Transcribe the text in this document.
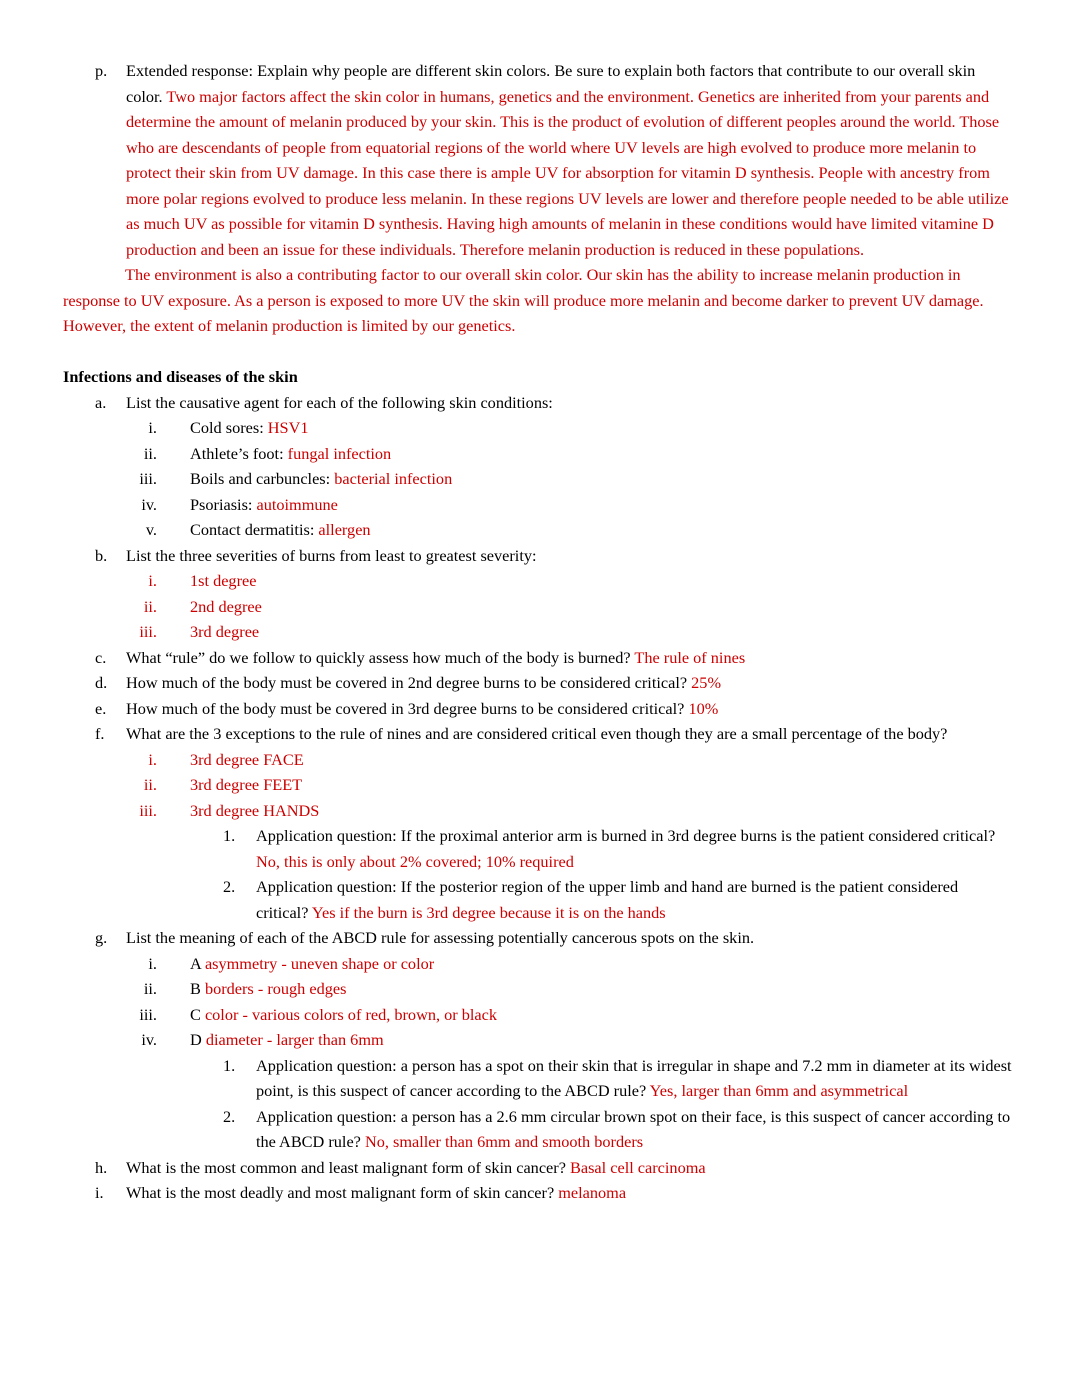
p. Extended response: Explain why people are different skin colors. Be sure to explain both factors that contribute to our overall skin color. Two major factors affect the skin color in humans, genetics and the environment. Genetics are inherited from your parents and determine the amount of melanin produced by your skin. This is the product of evolution of different peoples around the world. Those who are descendants of people from equatorial regions of the world where UV levels are high evolved to produce more melanin to protect their skin from UV damage. In this case there is ample UV for absorption for vitamin D synthesis. People with ancestry from more polar regions evolved to produce less melanin. In these regions UV levels are lower and therefore people needed to be able utilize as much UV as possible for vitamin D synthesis. Having high amounts of melanin in these conditions would have limited vitamine D production and been an issue for these individuals. Therefore melanin production is reduced in these populations.
The environment is also a contributing factor to our overall skin color. Our skin has the ability to increase melanin production in response to UV exposure. As a person is exposed to more UV the skin will produce more melanin and become darker to prevent UV damage. However, the extent of melanin production is limited by our genetics.
Infections and diseases of the skin
a. List the causative agent for each of the following skin conditions:
i. Cold sores: HSV1
ii. Athlete’s foot: fungal infection
iii. Boils and carbuncles: bacterial infection
iv. Psoriasis: autoimmune
v. Contact dermatitis: allergen
b. List the three severities of burns from least to greatest severity:
i. 1st degree
ii. 2nd degree
iii. 3rd degree
c. What “rule” do we follow to quickly assess how much of the body is burned? The rule of nines
d. How much of the body must be covered in 2nd degree burns to be considered critical? 25%
e. How much of the body must be covered in 3rd degree burns to be considered critical? 10%
f. What are the 3 exceptions to the rule of nines and are considered critical even though they are a small percentage of the body?
i. 3rd degree FACE
ii. 3rd degree FEET
iii. 3rd degree HANDS
1. Application question: If the proximal anterior arm is burned in 3rd degree burns is the patient considered critical? No, this is only about 2% covered; 10% required
2. Application question: If the posterior region of the upper limb and hand are burned is the patient considered critical? Yes if the burn is 3rd degree because it is on the hands
g. List the meaning of each of the ABCD rule for assessing potentially cancerous spots on the skin.
i. A asymmetry - uneven shape or color
ii. B borders - rough edges
iii. C color - various colors of red, brown, or black
iv. D diameter - larger than 6mm
1. Application question: a person has a spot on their skin that is irregular in shape and 7.2 mm in diameter at its widest point, is this suspect of cancer according to the ABCD rule? Yes, larger than 6mm and asymmetrical
2. Application question: a person has a 2.6 mm circular brown spot on their face, is this suspect of cancer according to the ABCD rule? No, smaller than 6mm and smooth borders
h. What is the most common and least malignant form of skin cancer? Basal cell carcinoma
i. What is the most deadly and most malignant form of skin cancer? melanoma
